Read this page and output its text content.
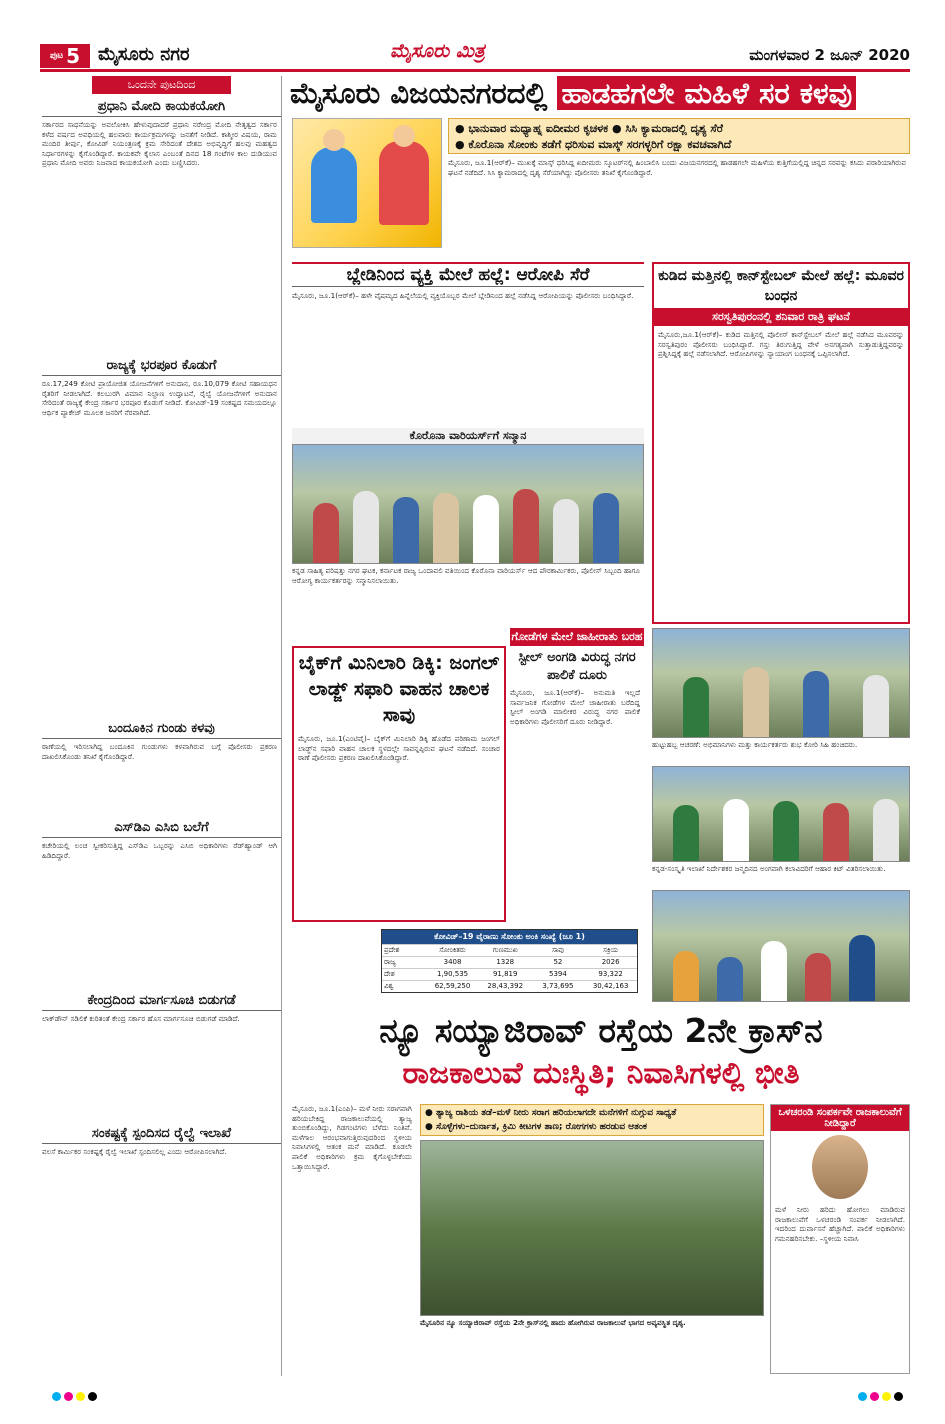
ಪುಟ 5 ಮೈಸೂರು ನಗರ	ಮೈಸೂರು ಮಿತ್ರ	ಮಂಗಳವಾರ 2 ಜೂನ್ 2020
ಒಂದನೇ ಪುಟದಿಂದ
ಪ್ರಧಾನಿ ಮೋದಿ ಕಾಯಕಯೋಗಿ

ಸರ್ಕಾರದ ಸಾಧನೆಯನ್ನು ಅವಲೋಕಿಸಿ ಹೇಳುವುದಾದರೆ ಪ್ರಧಾನಿ ನರೇಂದ್ರ ಮೋದಿ ನೇತೃತ್ವದ ಸರ್ಕಾರ ಕಳೆದ ವರ್ಷದ ಅವಧಿಯಲ್ಲಿ ಹಲವಾರು ಕಾರ್ಯಕ್ರಮಗಳನ್ನು ಜನತೆಗೆ ನೀಡಿದೆ. ಕಾಶ್ಮೀರ ವಿಷಯ, ರಾಮ ಮಂದಿರ ತೀರ್ಪು, ಕೋವಿಡ್ ನಿಯಂತ್ರಣಕ್ಕೆ ಕ್ರಮ ಸೇರಿದಂತೆ ದೇಶದ ಅಭಿವೃದ್ಧಿಗೆ ಹಲವು ಮಹತ್ವದ ನಿರ್ಧಾರಗಳನ್ನು ಕೈಗೊಂಡಿದ್ದಾರೆ. ಕಾಯಕವೇ ಕೈಲಾಸ ಎಂಬಂತೆ ದಿನದ 18 ಗಂಟೆಗಳ ಕಾಲ ದುಡಿಯುವ ಪ್ರಧಾನಿ ಮೋದಿ ಅವರು ನಿಜವಾದ ಕಾಯಕಯೋಗಿ ಎಂದು ಬಣ್ಣಿಸಿದರು.

ರಾಜ್ಯಕ್ಕೆ ಭರಪೂರ ಕೊಡುಗೆ

ರೂ.17,249 ಕೋಟಿ ಪ್ರಾಯೋಜಿತ ಯೋಜನೆಗಳಿಗೆ ಅನುದಾನ, ರೂ.10,079 ಕೋಟಿ ಸಹಾಯಧನ ರೈತರಿಗೆ ನೀಡಲಾಗಿದೆ. ಕಲಬುರಗಿ ವಿಮಾನ ನಿಲ್ದಾಣ ಉದ್ಘಾಟನೆ, ರೈಲ್ವೆ ಯೋಜನೆಗಳಿಗೆ ಅನುದಾನ ಸೇರಿದಂತೆ ರಾಜ್ಯಕ್ಕೆ ಕೇಂದ್ರ ಸರ್ಕಾರ ಭರಪೂರ ಕೊಡುಗೆ ನೀಡಿದೆ. ಕೋವಿಡ್-19 ಸಂಕಷ್ಟದ ಸಮಯದಲ್ಲೂ ಆರ್ಥಿಕ ಪ್ಯಾಕೇಜ್ ಮೂಲಕ ಜನರಿಗೆ ನೆರವಾಗಿದೆ.

ಬಂದೂಕಿನ ಗುಂಡು ಕಳವು

ಠಾಣೆಯಲ್ಲಿ ಇರಿಸಲಾಗಿದ್ದ ಬಂದೂಕಿನ ಗುಂಡುಗಳು ಕಳವಾಗಿರುವ ಬಗ್ಗೆ ಪೊಲೀಸರು ಪ್ರಕರಣ ದಾಖಲಿಸಿಕೊಂಡು ತನಿಖೆ ಕೈಗೊಂಡಿದ್ದಾರೆ.

ಎಸ್‌ಡಿಎ ಎಸಿಬಿ ಬಲೆಗೆ

ಕಚೇರಿಯಲ್ಲಿ ಲಂಚ ಸ್ವೀಕರಿಸುತ್ತಿದ್ದ ಎಸ್‌ಡಿಎ ಒಬ್ಬರನ್ನು ಎಸಿಬಿ ಅಧಿಕಾರಿಗಳು ರೆಡ್‌ಹ್ಯಾಂಡ್ ಆಗಿ ಹಿಡಿದಿದ್ದಾರೆ.

ಕೇಂದ್ರದಿಂದ ಮಾರ್ಗಸೂಚಿ ಬಿಡುಗಡೆ

ಲಾಕ್‌ಡೌನ್ ಸಡಿಲಿಕೆ ಕುರಿತಂತೆ ಕೇಂದ್ರ ಸರ್ಕಾರ ಹೊಸ ಮಾರ್ಗಸೂಚಿ ಬಿಡುಗಡೆ ಮಾಡಿದೆ.

ಸಂಕಷ್ಟಕ್ಕೆ ಸ್ಪಂದಿಸದ ರೈಲ್ವೆ ಇಲಾಖೆ

ವಲಸೆ ಕಾರ್ಮಿಕರ ಸಂಕಷ್ಟಕ್ಕೆ ರೈಲ್ವೆ ಇಲಾಖೆ ಸ್ಪಂದಿಸಲಿಲ್ಲ ಎಂದು ಆರೋಪಿಸಲಾಗಿದೆ.

ಮೈಸೂರು ವಿಜಯನಗರದಲ್ಲಿ ಹಾಡಹಗಲೇ ಮಹಿಳೆ ಸರ ಕಳವು
● ಭಾನುವಾರ ಮಧ್ಯಾಹ್ನ ಐದೀಮರ ಕೃಚಳಕ ● ಸಿಸಿ ಕ್ಯಾಮರಾದಲ್ಲಿ ದೃಶ್ಯ ಸೆರೆ
● ಕೊರೊನಾ ಸೋಂಕು ತಡೆಗೆ ಧರಿಸುವ ಮಾಸ್ಕ್ ಸರಗಳ್ಳರಿಗೆ ರಕ್ಷಾ ಕವಚವಾಗಿದೆ

ಮೈಸೂರು, ಜೂ.1(ಆರ್‌ಕೆ)– ಮುಖಕ್ಕೆ ಮಾಸ್ಕ್ ಧರಿಸಿದ್ದ ಖದೀಮರು ಸ್ಕೂಟರ್‌ನಲ್ಲಿ ಹಿಂಬಾಲಿಸಿ ಬಂದು ವಿಜಯನಗರದಲ್ಲಿ ಹಾಡಹಗಲೇ ಮಹಿಳೆಯ ಕುತ್ತಿಗೆಯಲ್ಲಿದ್ದ ಚಿನ್ನದ ಸರವನ್ನು ಕಸಿದು ಪರಾರಿಯಾಗಿರುವ ಘಟನೆ ನಡೆದಿದೆ. ಸಿಸಿ ಕ್ಯಾಮರಾದಲ್ಲಿ ದೃಶ್ಯ ಸೆರೆಯಾಗಿದ್ದು ಪೊಲೀಸರು ತನಿಖೆ ಕೈಗೊಂಡಿದ್ದಾರೆ.

ಬ್ಲೇಡಿನಿಂದ ವ್ಯಕ್ತಿ ಮೇಲೆ ಹಲ್ಲೆ: ಆರೋಪಿ ಸೆರೆ

ಮೈಸೂರು, ಜೂ.1(ಆರ್‌ಕೆ)– ಹಳೇ ವೈಷಮ್ಯದ ಹಿನ್ನೆಲೆಯಲ್ಲಿ ವ್ಯಕ್ತಿಯೊಬ್ಬರ ಮೇಲೆ ಬ್ಲೇಡಿನಿಂದ ಹಲ್ಲೆ ನಡೆಸಿದ್ದ ಆರೋಪಿಯನ್ನು ಪೊಲೀಸರು ಬಂಧಿಸಿದ್ದಾರೆ.

ಕುಡಿದ ಮತ್ತಿನಲ್ಲಿ ಕಾನ್‌ಸ್ಟೇಬಲ್ ಮೇಲೆ ಹಲ್ಲೆ: ಮೂವರ ಬಂಧನ
ಸರಸ್ವತಿಪುರಂನಲ್ಲಿ ಶನಿವಾರ ರಾತ್ರಿ ಘಟನೆ

ಮೈಸೂರು,ಜೂ.1(ಆರ್‌ಕೆ)– ಕುಡಿದ ಮತ್ತಿನಲ್ಲಿ ಪೊಲೀಸ್ ಕಾನ್‌ಸ್ಟೇಬಲ್ ಮೇಲೆ ಹಲ್ಲೆ ನಡೆಸಿದ ಮೂವರನ್ನು ಸರಸ್ವತಿಪುರಂ ಪೊಲೀಸರು ಬಂಧಿಸಿದ್ದಾರೆ. ಗಸ್ತು ತಿರುಗುತ್ತಿದ್ದ ವೇಳೆ ಅನಗತ್ಯವಾಗಿ ಸುತ್ತಾಡುತ್ತಿದ್ದವರನ್ನು ಪ್ರಶ್ನಿಸಿದ್ದಕ್ಕೆ ಹಲ್ಲೆ ನಡೆಸಲಾಗಿದೆ. ಆರೋಪಿಗಳನ್ನು ನ್ಯಾಯಾಂಗ ಬಂಧನಕ್ಕೆ ಒಪ್ಪಿಸಲಾಗಿದೆ.

ಕೊರೊನಾ ವಾರಿಯರ್ಸ್‌ಗೆ ಸನ್ಮಾನ

ಕನ್ನಡ ಸಾಹಿತ್ಯ ಪರಿಷತ್ತು ನಗರ ಘಟಕ, ಕರ್ನಾಟಕ ರಾಜ್ಯ ಒಂದಾವಲಿ ವತಿಯಿಂದ ಕೊರೊನಾ ವಾರಿಯರ್ಸ್ ಆದ ಪೌರಕಾರ್ಮಿಕರು, ಪೊಲೀಸ್ ಸಿಬ್ಬಂದಿ ಹಾಗೂ ಆರೋಗ್ಯ ಕಾರ್ಯಕರ್ತರನ್ನು ಸನ್ಮಾನಿಸಲಾಯಿತು.

ಹುಟ್ಟುಹಬ್ಬ ಆಚರಣೆ: ಅಭಿಮಾನಿಗಳು ಮತ್ತು ಕಾರ್ಯಕರ್ತರು ಶುಭ ಕೋರಿ ಸಿಹಿ ಹಂಚಿದರು.

ಕನ್ನಡ-ಸಂಸ್ಕೃತಿ ಇಲಾಖೆ ನಿರ್ದೇಶಕರ ಜನ್ಮದಿನದ ಅಂಗವಾಗಿ ಕಲಾವಿದರಿಗೆ ಆಹಾರ ಕಿಟ್ ವಿತರಿಸಲಾಯಿತು.

ಬೈಕ್‌ಗೆ ಮಿನಿಲಾರಿ ಡಿಕ್ಕಿ: ಜಂಗಲ್ ಲಾಡ್ಜ್ ಸಫಾರಿ ವಾಹನ ಚಾಲಕ ಸಾವು

ಮೈಸೂರು, ಜೂ.1(ಎಂಟಿವೈ)– ಬೈಕ್‌ಗೆ ಮಿನಿಲಾರಿ ಡಿಕ್ಕಿ ಹೊಡೆದ ಪರಿಣಾಮ ಜಂಗಲ್ ಲಾಡ್ಜ್‌ನ ಸಫಾರಿ ವಾಹನ ಚಾಲಕ ಸ್ಥಳದಲ್ಲೇ ಸಾವನ್ನಪ್ಪಿರುವ ಘಟನೆ ನಡೆದಿದೆ. ಸಂಚಾರ ಠಾಣೆ ಪೊಲೀಸರು ಪ್ರಕರಣ ದಾಖಲಿಸಿಕೊಂಡಿದ್ದಾರೆ.

ಗೋಡೆಗಳ ಮೇಲೆ ಜಾಹೀರಾತು ಬರಹ
ಸ್ಟೀಲ್ ಅಂಗಡಿ ವಿರುದ್ಧ ನಗರ ಪಾಲಿಕೆ ದೂರು

ಮೈಸೂರು, ಜೂ.1(ಆರ್‌ಕೆ)– ಅನುಮತಿ ಇಲ್ಲದೆ ಸಾರ್ವಜನಿಕ ಗೋಡೆಗಳ ಮೇಲೆ ಜಾಹೀರಾತು ಬರೆದಿದ್ದ ಸ್ಟೀಲ್ ಅಂಗಡಿ ಮಾಲೀಕರ ವಿರುದ್ಧ ನಗರ ಪಾಲಿಕೆ ಅಧಿಕಾರಿಗಳು ಪೊಲೀಸರಿಗೆ ದೂರು ನೀಡಿದ್ದಾರೆ.

ಕೋವಿಡ್–19 ವೈರಾಣು ಸೋಂಕು ಅಂಕಿ ಸಂಖ್ಯೆ (ಜೂ 1)
ಪ್ರದೇಶ	ಸೋಂಕಿತರು	ಗುಣಮುಖ	ಸಾವು	ಸಕ್ರಿಯ
ರಾಜ್ಯ	3408	1328	52	2026
ದೇಶ	1,90,535	91,819	5394	93,322
ವಿಶ್ವ	62,59,250	28,43,392	3,73,695	30,42,163
ನ್ಯೂ ಸಯ್ಯಾಜಿರಾವ್ ರಸ್ತೆಯ 2ನೇ ಕ್ರಾಸ್‌ನ
ರಾಜಕಾಲುವೆ ದುಃಸ್ಥಿತಿ; ನಿವಾಸಿಗಳಲ್ಲಿ ಭೀತಿ
● ತ್ಯಾಜ್ಯ ರಾಶಿಯ ತಡೆ–ಮಳೆ ನೀರು ಸರಾಗ ಹರಿಯಲಾಗದೇ ಮನೆಗಳಿಗೆ ನುಗ್ಗುವ ಸಾಧ್ಯತೆ
● ಸೊಳ್ಳೆಗಳು–ದುರ್ನಾತ, ಕ್ರಿಮಿ ಕೀಟಗಳ ತಾಣ; ರೋಗಗಳು ಹರಡುವ ಆತಂಕ

ಮೈಸೂರು, ಜೂ.1(ಎಂಪಿ)– ಮಳೆ ನೀರು ಸರಾಗವಾಗಿ ಹರಿಯಬೇಕಿದ್ದ ರಾಜಕಾಲುವೆಯಲ್ಲಿ ತ್ಯಾಜ್ಯ ತುಂಬಿಕೊಂಡಿದ್ದು, ಗಿಡಗಂಟಿಗಳು ಬೆಳೆದು ನಿಂತಿವೆ. ಮಳೆಗಾಲ ಆರಂಭವಾಗುತ್ತಿರುವುದರಿಂದ ಸ್ಥಳೀಯ ನಿವಾಸಿಗಳಲ್ಲಿ ಆತಂಕ ಮನೆ ಮಾಡಿದೆ. ಕೂಡಲೇ ಪಾಲಿಕೆ ಅಧಿಕಾರಿಗಳು ಕ್ರಮ ಕೈಗೊಳ್ಳಬೇಕೆಂದು ಒತ್ತಾಯಿಸಿದ್ದಾರೆ.

ಮೈಸೂರಿನ ನ್ಯೂ ಸಯ್ಯಾಜಿರಾವ್ ರಸ್ತೆಯ 2ನೇ ಕ್ರಾಸ್‌ನಲ್ಲಿ ಹಾದು ಹೋಗಿರುವ ರಾಜಕಾಲುವೆ ಭಾಗದ ಅವ್ಯವಸ್ಥಿತ ದೃಶ್ಯ.

ಒಳಚರಂಡಿ ಸಂಪರ್ಕವೇ ರಾಜಕಾಲುವೆಗೆ ನೀಡಿದ್ದಾರೆ

ಮಳೆ ನೀರು ಹರಿದು ಹೋಗಲು ಮಾಡಿರುವ ರಾಜಕಾಲುವೆಗೆ ಒಳಚರಂಡಿ ಸಂಪರ್ಕ ನೀಡಲಾಗಿದೆ. ಇದರಿಂದ ದುರ್ವಾಸನೆ ಹೆಚ್ಚಾಗಿದೆ. ಪಾಲಿಕೆ ಅಧಿಕಾರಿಗಳು ಗಮನಹರಿಸಬೇಕು. –ಸ್ಥಳೀಯ ನಿವಾಸಿ
